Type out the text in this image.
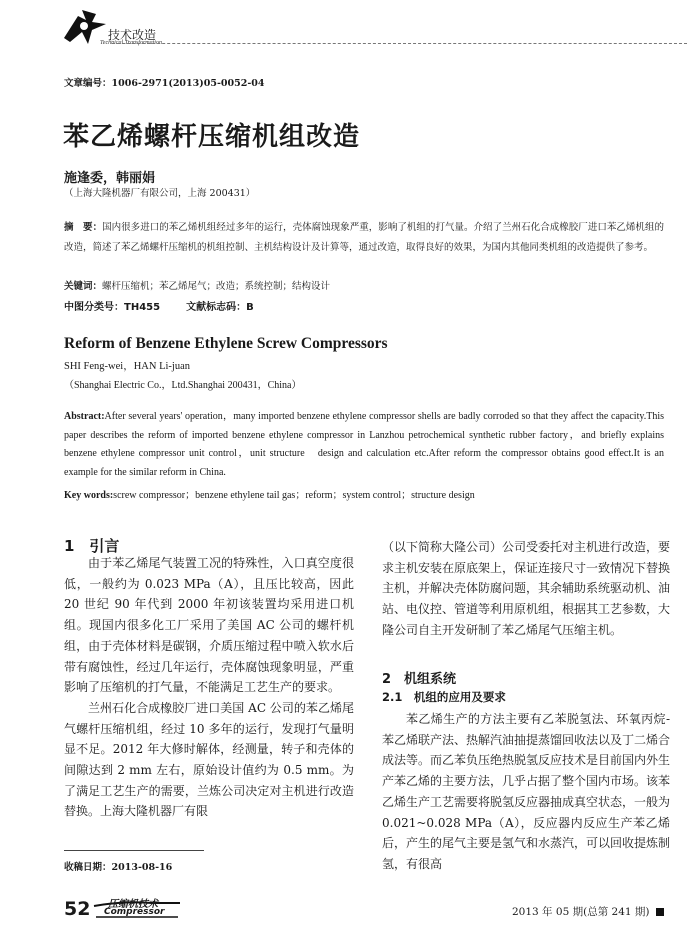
技术改造
Technical Transformation
文章编号：1006-2971(2013)05-0052-04
苯乙烯螺杆压缩机组改造
施逢委，韩丽娟
（上海大隆机器厂有限公司，上海 200431）
摘　要：国内很多进口的苯乙烯机组经过多年的运行，壳体腐蚀现象严重，影响了机组的打气量。介绍了兰州石化合成橡胶厂进口苯乙烯机组的改造，简述了苯乙烯螺杆压缩机的机组控制、主机结构设计及计算等，通过改造，取得良好的效果，为国内其他同类机组的改造提供了参考。
关键词：螺杆压缩机；苯乙烯尾气；改造；系统控制；结构设计
中图分类号：TH455	文献标志码：B
Reform of Benzene Ethylene Screw Compressors
SHI Feng-wei，HAN Li-juan
（Shanghai Electric Co.，Ltd.Shanghai 200431，China）
Abstract:After several years' operation，many imported benzene ethylene compressor shells are badly corroded so that they affect the capacity.This paper describes the reform of imported benzene ethylene compressor in Lanzhou petrochemical synthetic rubber factory，and briefly explains benzene ethylene compressor unit control，unit structure　design and calculation etc.After reform the compressor obtains good effect.It is an example for the similar reform in China.
Key words:screw compressor；benzene ethylene tail gas；reform；system control；structure design
1　引言
由于苯乙烯尾气装置工况的特殊性，入口真空度很低，一般约为 0.023 MPa（A），且压比较高，因此 20 世纪 90 年代到 2000 年初该装置均采用进口机组。现国内很多化工厂采用了美国 AC 公司的螺杆机组，由于壳体材料是碳钢，介质压缩过程中喷入软水后带有腐蚀性，经过几年运行，壳体腐蚀现象明显，严重影响了压缩机的打气量，不能满足工艺生产的要求。
兰州石化合成橡胶厂进口美国 AC 公司的苯乙烯尾气螺杆压缩机组，经过 10 多年的运行，发现打气量明显不足。2012 年大修时解体，经测量，转子和壳体的间隙达到 2 mm 左右，原始设计值约为 0.5 mm。为了满足工艺生产的需要，兰炼公司决定对主机进行改造替换。上海大隆机器厂有限
（以下简称大隆公司）公司受委托对主机进行改造，要求主机安装在原底架上，保证连接尺寸一致情况下替换主机，并解决壳体防腐问题，其余辅助系统驱动机、油站、电仪控、管道等利用原机组，根据其工艺参数，大隆公司自主开发研制了苯乙烯尾气压缩主机。
2　机组系统
2.1　机组的应用及要求
苯乙烯生产的方法主要有乙苯脱氢法、环氧丙烷-苯乙烯联产法、热解汽油抽提蒸馏回收法以及丁二烯合成法等。而乙苯负压绝热脱氢反应技术是目前国内外生产苯乙烯的主要方法，几乎占据了整个国内市场。该苯乙烯生产工艺需要将脱氢反应器抽成真空状态，一般为 0.021~0.028 MPa（A），反应器内反应生产苯乙烯后，产生的尾气主要是氢气和水蒸汽，可以回收提炼制氢，有很高
收稿日期：2013-08-16
52 压缩机技术
Compressor	2013 年 05 期(总第 241 期)
